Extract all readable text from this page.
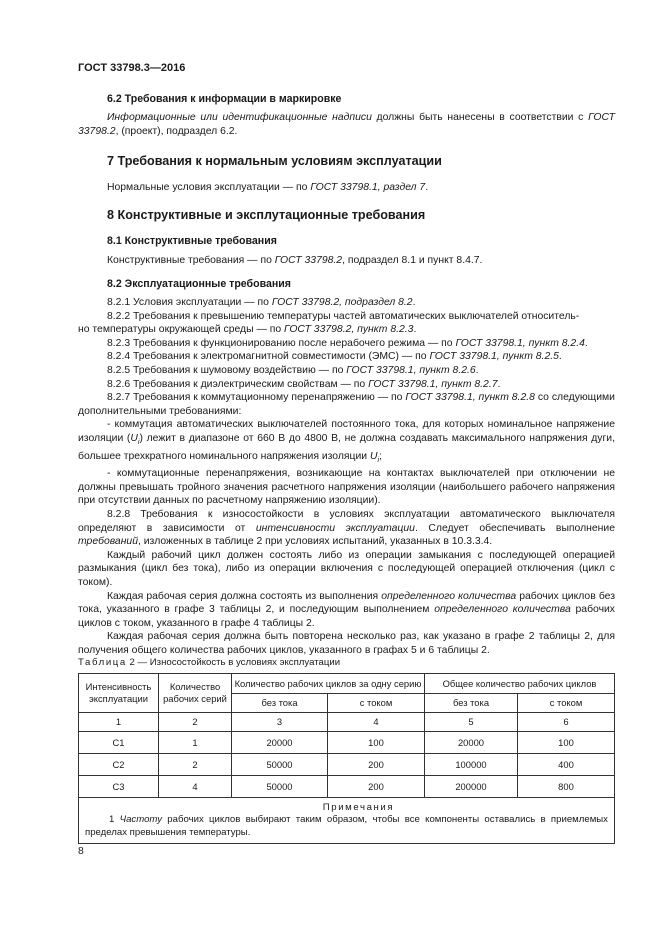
ГОСТ 33798.3—2016
6.2 Требования к информации в маркировке

Информационные или идентификационные надписи должны быть нанесены в соответствии с ГОСТ 33798.2, (проект), подраздел 6.2.

7 Требования к нормальным условиям эксплуатации
Нормальные условия эксплуатации — по ГОСТ 33798.1, раздел 7.
8 Конструктивные и эксплутационные требования
8.1 Конструктивные требования
Конструктивные требования — по ГОСТ 33798.2, подраздел 8.1 и пункт 8.4.7.
8.2 Эксплуатационные требования

8.2.1 Условия эксплуатации — по ГОСТ 33798.2, подраздел 8.2.

8.2.2 Требования к превышению температуры частей автоматических выключателей относитель-
но температуры окружающей среды — по ГОСТ 33798.2, пункт 8.2.3.

8.2.3 Требования к функционированию после нерабочего режима — по ГОСТ 33798.1, пункт 8.2.4.

8.2.4 Требования к электромагнитной совместимости (ЭМС) — по ГОСТ 33798.1, пункт 8.2.5.

8.2.5 Требования к шумовому воздействию — по ГОСТ 33798.1, пункт 8.2.6.

8.2.6 Требования к диэлектрическим свойствам — по ГОСТ 33798.1, пункт 8.2.7.

8.2.7 Требования к коммутационному перенапряжению — по ГОСТ 33798.1, пункт 8.2.8 со следующими дополнительными требованиями:

- коммутация автоматических выключателей постоянного тока, для которых номинальное напряжение изоляции $(U_i)$ лежит в диапазоне от 660 В до 4800 В, не должна создавать максимального напряжения дуги, большее трехкратного номинального напряжения изоляции $U_i$;

- коммутационные перенапряжения, возникающие на контактах выключателей при отключении не должны превышать тройного значения расчетного напряжения изоляции (наибольшего рабочего напряжения при отсутствии данных по расчетному напряжению изоляции).

8.2.8 Требования к износостойкости в условиях эксплуатации автоматического выключателя определяют в зависимости от интенсивности эксплуатации. Следует обеспечивать выполнение требований, изложенных в таблице 2 при условиях испытаний, указанных в 10.3.3.4.

Каждый рабочий цикл должен состоять либо из операции замыкания с последующей операцией размыкания (цикл без тока), либо из операции включения с последующей операцией отключения (цикл с током).

Каждая рабочая серия должна состоять из выполнения определенного количества рабочих циклов без тока, указанного в графе 3 таблицы 2, и последующим выполнением определенного количества рабочих циклов с током, указанного в графе 4 таблицы 2.

Каждая рабочая серия должна быть повторена несколько раз, как указано в графе 2 таблицы 2, для получения общего количества рабочих циклов, указанного в графах 5 и 6 таблицы 2.

Таблица 2 — Износостойкость в условиях эксплуатации
Интенсивность эксплуатации	Количество рабочих серий	Количество рабочих циклов за одну серию		Общее количество рабочих циклов	
		без тока	с током	без тока	с током
1	2	3	4	5	6
C1	1	20000	100	20000	100
C2	2	50000	200	100000	400
C3	4	50000	200	200000	800

Примечания
1 Частоту рабочих циклов выбирают таким образом, чтобы все компоненты оставались в приемлемых пределах превышения температуры.					
8
